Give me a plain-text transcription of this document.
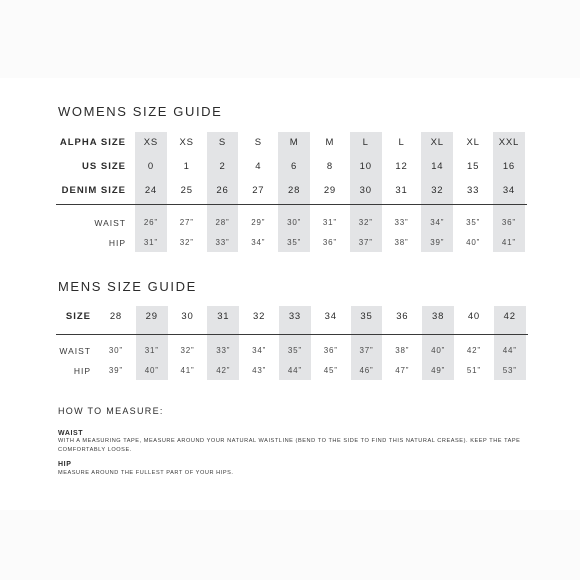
WOMENS SIZE GUIDE
ALPHA SIZE	XS	XS	S	S	M	M	L	L	XL	XL	XXL
US SIZE	0	1	2	4	6	8	10	12	14	15	16
DENIM SIZE	24	25	26	27	28	29	30	31	32	33	34
WAIST	26”	27”	28”	29”	30”	31”	32”	33”	34”	35”	36”
HIP	31”	32”	33”	34”	35”	36”	37”	38”	39”	40”	41”
MENS SIZE GUIDE
SIZE	28	29	30	31	32	33	34	35	36	38	40	42
WAIST	30”	31”	32”	33”	34”	35”	36”	37”	38”	40”	42”	44”
HIP	39”	40”	41”	42”	43”	44”	45”	46”	47”	49”	51”	53”
HOW TO MEASURE:
WAIST
WITH A MEASURING TAPE, MEASURE AROUND YOUR NATURAL WAISTLINE (BEND TO THE SIDE TO FIND THIS NATURAL CREASE). KEEP THE TAPE COMFORTABLY LOOSE.
HIP
MEASURE AROUND THE FULLEST PART OF YOUR HIPS.
